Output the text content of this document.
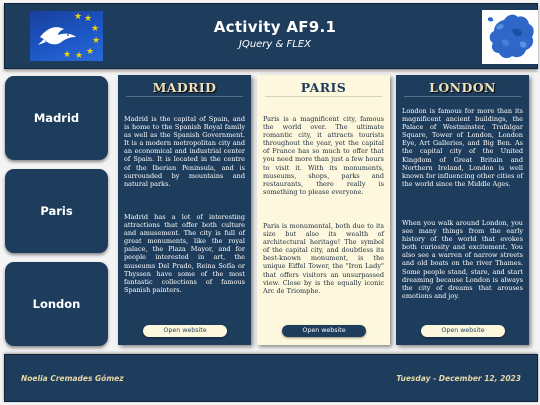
★
★
★
★
★
★
★
Activity AF9.1
JQuery & FLEX
Madrid
Paris
London
MADRID
Madrid is the capital of Spain, and is home to the Spanish Royal family as well as the Spanish Government. It is a modern metropolitan city and an economical and industrial center of Spain. It is located in the centre of the Iberian Peninsula, and is surrounded by mountains and natural parks.
Madrid has a lot of interesting attractions that offer both culture and amusement. The city is full of great monuments, like the royal palace, the Plaza Mayor, and for people interested in art, the museums Del Prado, Reina Sofía or Thyssen have some of the most fantastic collections of famous Spanish painters.
Open website
PARIS
Paris is a magnificent city, famous the world over. The ultimate romantic city, it attracts tourists throughout the year, yet the capital of France has so much to offer that you need more than just a few hours to visit it. With its monuments, museums, shops, parks and restaurants, there really is something to please everyone.
Paris is monumental, both due to its size but also its wealth of architectural heritage! The symbol of the capital city, and doubtless its best-known monument, is the unique Eiffel Tower, the "Iron Lady" that offers visitors an unsurpassed view. Close by is the equally iconic Arc de Triomphe.
Open website
LONDON
London is famous for more than its magnificent ancient buildings, the Palace of Westminster, Trafalgar Square, Tower of London, London Eye, Art Galleries, and Big Ben. As the capital city of the United Kingdom of Great Britain and Northern Ireland, London is well known for influencing other cities of the world since the Middle Ages.
When you walk around London, you see many things from the early history of the world that evokes both curiosity and excitement. You also see a warren of narrow streets and old boats on the river Thames. Some people stand, stare, and start dreaming because London is always the city of dreams that arouses emotions and joy.
Open website
Noelia Cremades Gómez	Tuesday - December 12, 2023
